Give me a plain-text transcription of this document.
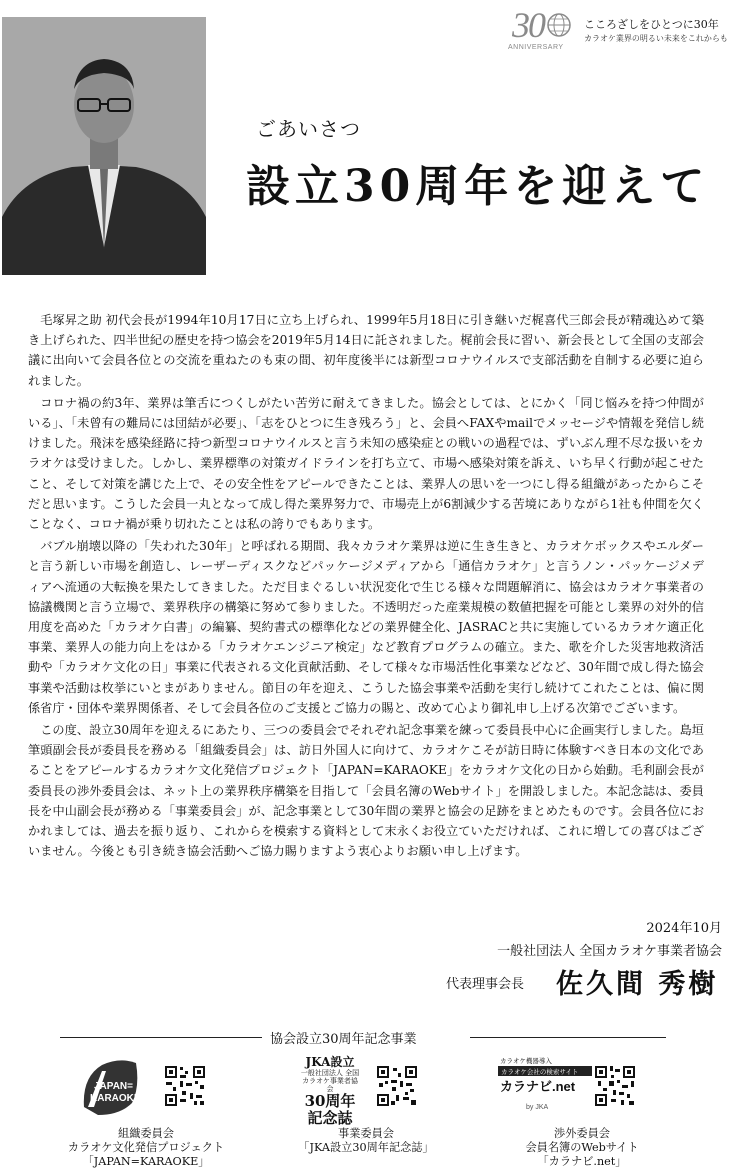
30
ANNIVERSARY
こころざしをひとつに30年
カラオケ業界の明るい未来をこれからも
ごあいさつ
設立30周年を迎えて

毛塚昇之助 初代会長が1994年10月17日に立ち上げられ、1999年5月18日に引き継いだ梶喜代三郎会長が精魂込めて築き上げられた、四半世紀の歴史を持つ協会を2019年5月14日に託されました。梶前会長に習い、新会長として全国の支部会議に出向いて会員各位との交流を重ねたのも束の間、初年度後半には新型コロナウイルスで支部活動を自制する必要に迫られました。

コロナ禍の約3年、業界は筆舌につくしがたい苦労に耐えてきました。協会としては、とにかく「同じ悩みを持つ仲間がいる」、「未曾有の難局には団結が必要」、「志をひとつに生き残ろう」と、会員へFAXやmailでメッセージや情報を発信し続けました。飛沫を感染経路に持つ新型コロナウイルスと言う未知の感染症との戦いの過程では、ずいぶん理不尽な扱いをカラオケは受けました。しかし、業界標準の対策ガイドラインを打ち立て、市場へ感染対策を訴え、いち早く行動が起こせたこと、そして対策を講じた上で、その安全性をアピールできたことは、業界人の思いを一つにし得る組織があったからこそだと思います。こうした会員一丸となって成し得た業界努力で、市場売上が6割減少する苦境にありながら1社も仲間を欠くことなく、コロナ禍が乗り切れたことは私の誇りでもあります。

バブル崩壊以降の「失われた30年」と呼ばれる期間、我々カラオケ業界は逆に生き生きと、カラオケボックスやエルダーと言う新しい市場を創造し、レーザーディスクなどパッケージメディアから「通信カラオケ」と言うノン・パッケージメディアへ流通の大転換を果たしてきました。ただ目まぐるしい状況変化で生じる様々な問題解消に、協会はカラオケ事業者の協議機関と言う立場で、業界秩序の構築に努めて参りました。不透明だった産業規模の数値把握を可能とし業界の対外的信用度を高めた「カラオケ白書」の編纂、契約書式の標準化などの業界健全化、JASRACと共に実施しているカラオケ適正化事業、業界人の能力向上をはかる「カラオケエンジニア検定」など教育プログラムの確立。また、歌を介した災害地救済活動や「カラオケ文化の日」事業に代表される文化貢献活動、そして様々な市場活性化事業などなど、30年間で成し得た協会事業や活動は枚挙にいとまがありません。節目の年を迎え、こうした協会事業や活動を実行し続けてこれたことは、偏に関係省庁・団体や業界関係者、そして会員各位のご支援とご協力の賜と、改めて心より御礼申し上げる次第でございます。

この度、設立30周年を迎えるにあたり、三つの委員会でそれぞれ記念事業を練って委員長中心に企画実行しました。島垣筆頭副会長が委員長を務める「組織委員会」は、訪日外国人に向けて、カラオケこそが訪日時に体験すべき日本の文化であることをアピールするカラオケ文化発信プロジェクト「JAPAN=KARAOKE」をカラオケ文化の日から始動。毛利副会長が委員長の渉外委員会は、ネット上の業界秩序構築を目指して「会員名簿のWebサイト」を開設しました。本記念誌は、委員長を中山副会長が務める「事業委員会」が、記念事業として30年間の業界と協会の足跡をまとめたものです。会員各位におかれましては、過去を振り返り、これからを模索する資料として末永くお役立ていただければ、これに増しての喜びはございません。今後とも引き続き協会活動へご協力賜りますよう衷心よりお願い申し上げます。

2024年10月
一般社団法人 全国カラオケ事業者協会
代表理事会長 佐久間 秀樹
協会設立30周年記念事業
JAPAN=
KARAOKE
組織委員会
カラオケ文化発信プロジェクト
「JAPAN=KARAOKE」
JKA設立
一般社団法人 全国カラオケ事業者協会
30周年
記念誌
事業委員会
「JKA設立30周年記念誌」
カラオケ機器導入
カラオケ会社の検索サイト
カラナビ.net
by JKA
渉外委員会
会員名簿のWebサイト
「カラナビ.net」
